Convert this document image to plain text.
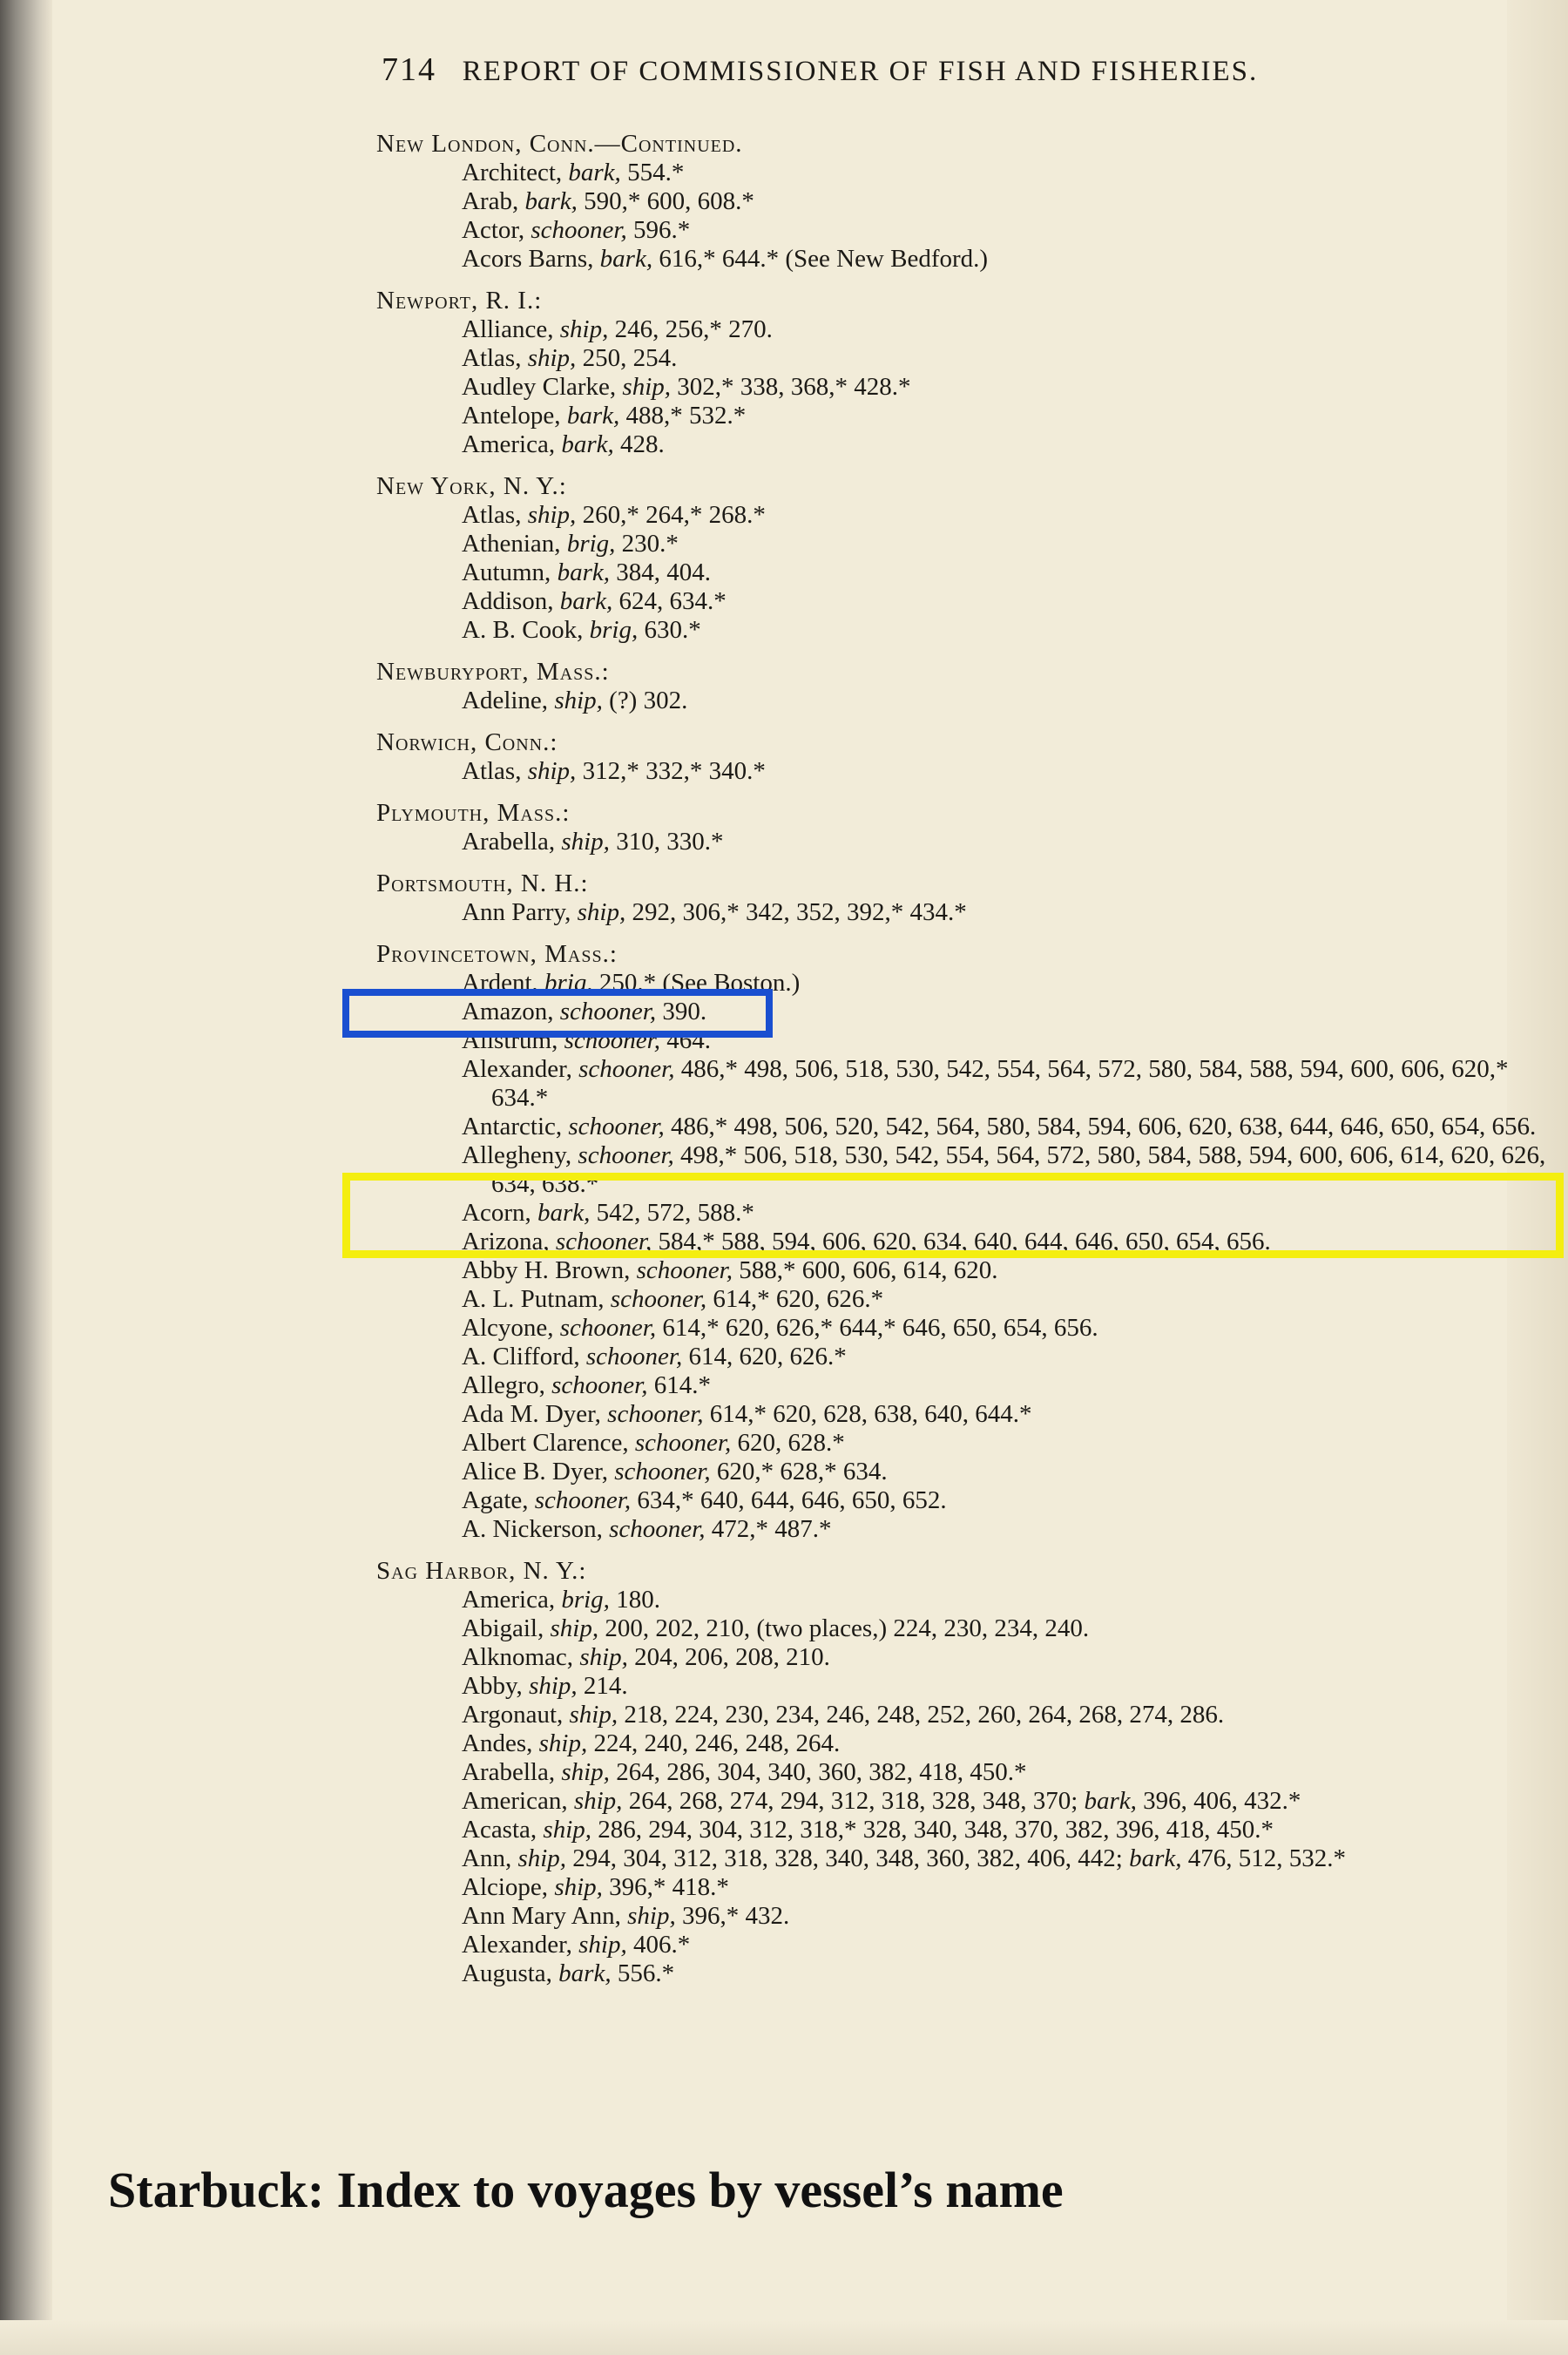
714 REPORT OF COMMISSIONER OF FISH AND FISHERIES.
New London, Conn.—Continued.
Architect, bark, 554.*
Arab, bark, 590,* 600, 608.*
Actor, schooner, 596.*
Acors Barns, bark, 616,* 644.* (See New Bedford.)
Newport, R. I.:
Alliance, ship, 246, 256,* 270.
Atlas, ship, 250, 254.
Audley Clarke, ship, 302,* 338, 368,* 428.*
Antelope, bark, 488,* 532.*
America, bark, 428.
New York, N. Y.:
Atlas, ship, 260,* 264,* 268.*
Athenian, brig, 230.*
Autumn, bark, 384, 404.
Addison, bark, 624, 634.*
A. B. Cook, brig, 630.*
Newburyport, Mass.:
Adeline, ship, (?) 302.
Norwich, Conn.:
Atlas, ship, 312,* 332,* 340.*
Plymouth, Mass.:
Arabella, ship, 310, 330.*
Portsmouth, N. H.:
Ann Parry, ship, 292, 306,* 342, 352, 392,* 434.*
Provincetown, Mass.:
Ardent, brig, 250.* (See Boston.)
Amazon, schooner, 390.
Allstrum, schooner, 464.
Alexander, schooner, 486,* 498, 506, 518, 530, 542, 554, 564, 572, 580, 584, 588, 594, 600, 606, 620,* 634.*
Antarctic, schooner, 486,* 498, 506, 520, 542, 564, 580, 584, 594, 606, 620, 638, 644, 646, 650, 654, 656.
Allegheny, schooner, 498,* 506, 518, 530, 542, 554, 564, 572, 580, 584, 588, 594, 600, 606, 614, 620, 626, 634, 638.*
Acorn, bark, 542, 572, 588.*
Arizona, schooner, 584,* 588, 594, 606, 620, 634, 640, 644, 646, 650, 654, 656.
Abby H. Brown, schooner, 588,* 600, 606, 614, 620.
A. L. Putnam, schooner, 614,* 620, 626.*
Alcyone, schooner, 614,* 620, 626,* 644,* 646, 650, 654, 656.
A. Clifford, schooner, 614, 620, 626.*
Allegro, schooner, 614.*
Ada M. Dyer, schooner, 614,* 620, 628, 638, 640, 644.*
Albert Clarence, schooner, 620, 628.*
Alice B. Dyer, schooner, 620,* 628,* 634.
Agate, schooner, 634,* 640, 644, 646, 650, 652.
A. Nickerson, schooner, 472,* 487.*
Sag Harbor, N. Y.:
America, brig, 180.
Abigail, ship, 200, 202, 210, (two places,) 224, 230, 234, 240.
Alknomac, ship, 204, 206, 208, 210.
Abby, ship, 214.
Argonaut, ship, 218, 224, 230, 234, 246, 248, 252, 260, 264, 268, 274, 286.
Andes, ship, 224, 240, 246, 248, 264.
Arabella, ship, 264, 286, 304, 340, 360, 382, 418, 450.*
American, ship, 264, 268, 274, 294, 312, 318, 328, 348, 370; bark, 396, 406, 432.*
Acasta, ship, 286, 294, 304, 312, 318,* 328, 340, 348, 370, 382, 396, 418, 450.*
Ann, ship, 294, 304, 312, 318, 328, 340, 348, 360, 382, 406, 442; bark, 476, 512, 532.*
Alciope, ship, 396,* 418.*
Ann Mary Ann, ship, 396,* 432.
Alexander, ship, 406.*
Augusta, bark, 556.*
Starbuck: Index to voyages by vessel’s name
